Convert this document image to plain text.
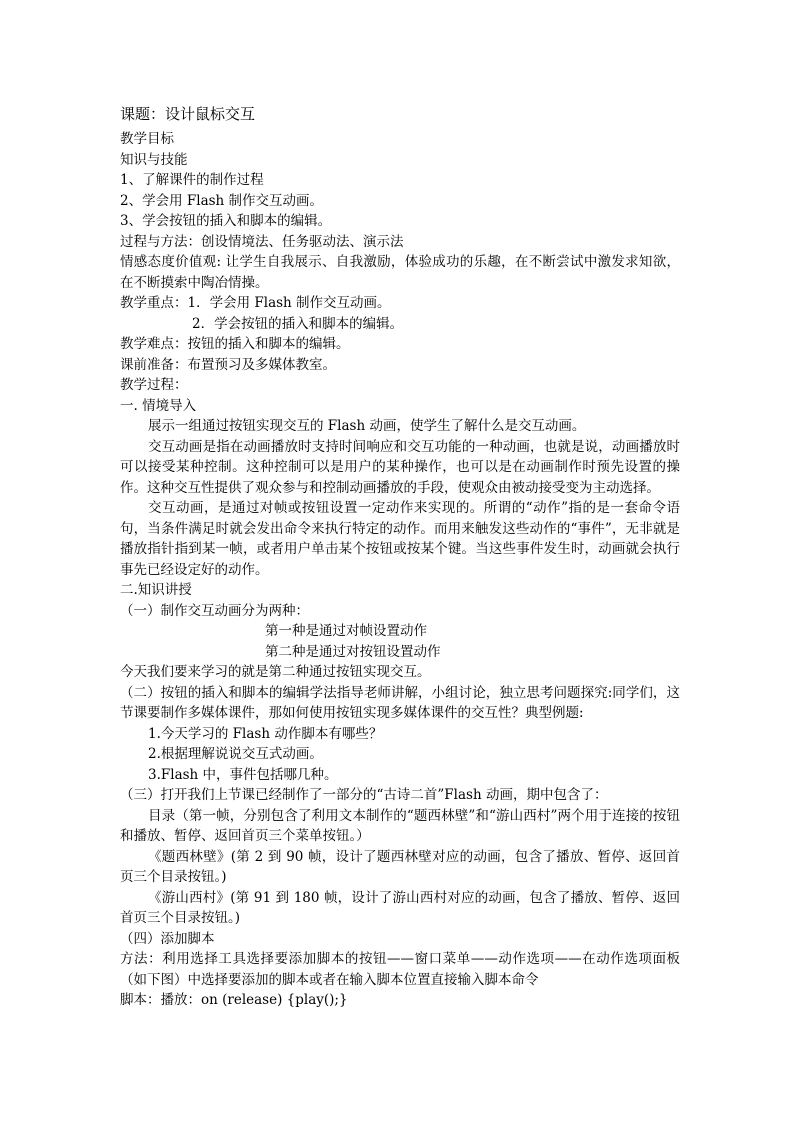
课题：设计鼠标交互
教学目标
知识与技能
1、了解课件的制作过程
2、学会用 Flash 制作交互动画。
3、学会按钮的插入和脚本的编辑。
过程与方法：创设情境法、任务驱动法、演示法
情感态度价值观: 让学生自我展示、自我激励，体验成功的乐趣，在不断尝试中激发求知欲，在不断摸索中陶冶情操。
教学重点：1．学会用 Flash 制作交互动画。
2．学会按钮的插入和脚本的编辑。
教学难点：按钮的插入和脚本的编辑。
课前准备：布置预习及多媒体教室。
教学过程：
一. 情境导入
展示一组通过按钮实现交互的 Flash 动画，使学生了解什么是交互动画。
交互动画是指在动画播放时支持时间响应和交互功能的一种动画，也就是说，动画播放时可以接受某种控制。这种控制可以是用户的某种操作，也可以是在动画制作时预先设置的操作。这种交互性提供了观众参与和控制动画播放的手段，使观众由被动接受变为主动选择。
交互动画，是通过对帧或按钮设置一定动作来实现的。所谓的“动作”指的是一套命令语句，当条件满足时就会发出命令来执行特定的动作。而用来触发这些动作的“事件”，无非就是播放指针指到某一帧，或者用户单击某个按钮或按某个键。当这些事件发生时，动画就会执行事先已经设定好的动作。
二.知识讲授
（一）制作交互动画分为两种：
第一种是通过对帧设置动作
第二种是通过对按钮设置动作
今天我们要来学习的就是第二种通过按钮实现交互。
（二）按钮的插入和脚本的编辑学法指导老师讲解，小组讨论，独立思考问题探究:同学们，这节课要制作多媒体课件，那如何使用按钮实现多媒体课件的交互性？典型例题:
1.今天学习的 Flash 动作脚本有哪些？
2.根据理解说说交互式动画。
3.Flash 中，事件包括哪几种。
（三）打开我们上节课已经制作了一部分的“古诗二首”Flash 动画，期中包含了：
目录（第一帧，分别包含了利用文本制作的“题西林壁”和“游山西村”两个用于连接的按钮和播放、暂停、返回首页三个菜单按钮。）
《题西林壁》(第 2 到 90 帧，设计了题西林壁对应的动画，包含了播放、暂停、返回首页三个目录按钮。)
《游山西村》(第 91 到 180 帧，设计了游山西村对应的动画，包含了播放、暂停、返回首页三个目录按钮。)
（四）添加脚本
方法：利用选择工具选择要添加脚本的按钮——窗口菜单——动作选项——在动作选项面板（如下图）中选择要添加的脚本或者在输入脚本位置直接输入脚本命令
脚本：播放：on (release) {play();}
